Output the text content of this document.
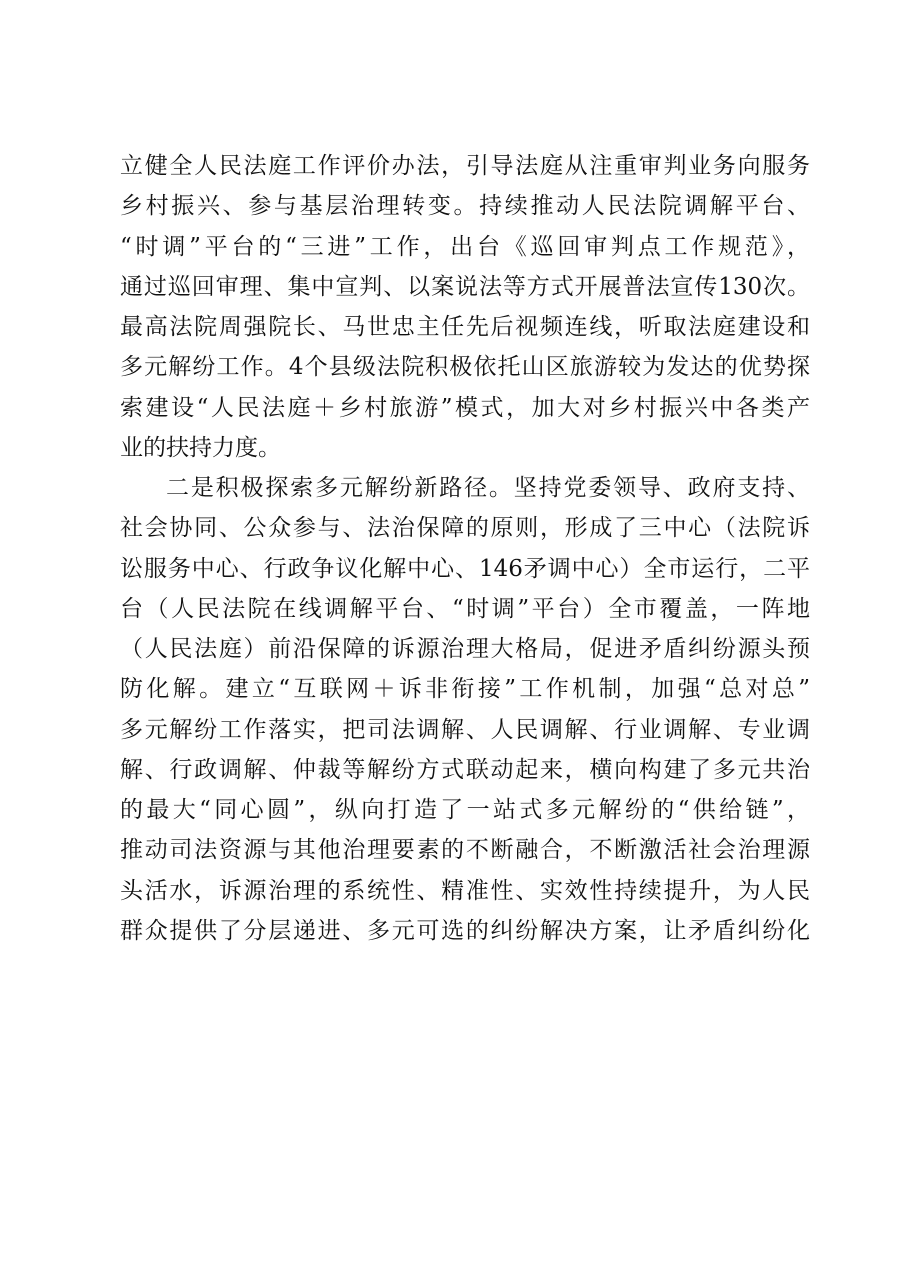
立健全人民法庭工作评价办法，引导法庭从注重审判业务向服务
乡村振兴、参与基层治理转变。持续推动人民法院调解平台、
“时调”平台的“三进”工作，出台《巡回审判点工作规范》，
通过巡回审理、集中宣判、以案说法等方式开展普法宣传130次。
最高法院周强院长、马世忠主任先后视频连线，听取法庭建设和
多元解纷工作。4个县级法院积极依托山区旅游较为发达的优势探
索建设“人民法庭＋乡村旅游”模式，加大对乡村振兴中各类产
业的扶持力度。
二是积极探索多元解纷新路径。坚持党委领导、政府支持、
社会协同、公众参与、法治保障的原则，形成了三中心（法院诉
讼服务中心、行政争议化解中心、146矛调中心）全市运行，二平
台（人民法院在线调解平台、“时调”平台）全市覆盖，一阵地
（人民法庭）前沿保障的诉源治理大格局，促进矛盾纠纷源头预
防化解。建立“互联网＋诉非衔接”工作机制，加强“总对总”
多元解纷工作落实，把司法调解、人民调解、行业调解、专业调
解、行政调解、仲裁等解纷方式联动起来，横向构建了多元共治
的最大“同心圆”，纵向打造了一站式多元解纷的“供给链”，
推动司法资源与其他治理要素的不断融合，不断激活社会治理源
头活水，诉源治理的系统性、精准性、实效性持续提升，为人民
群众提供了分层递进、多元可选的纠纷解决方案，让矛盾纠纷化
